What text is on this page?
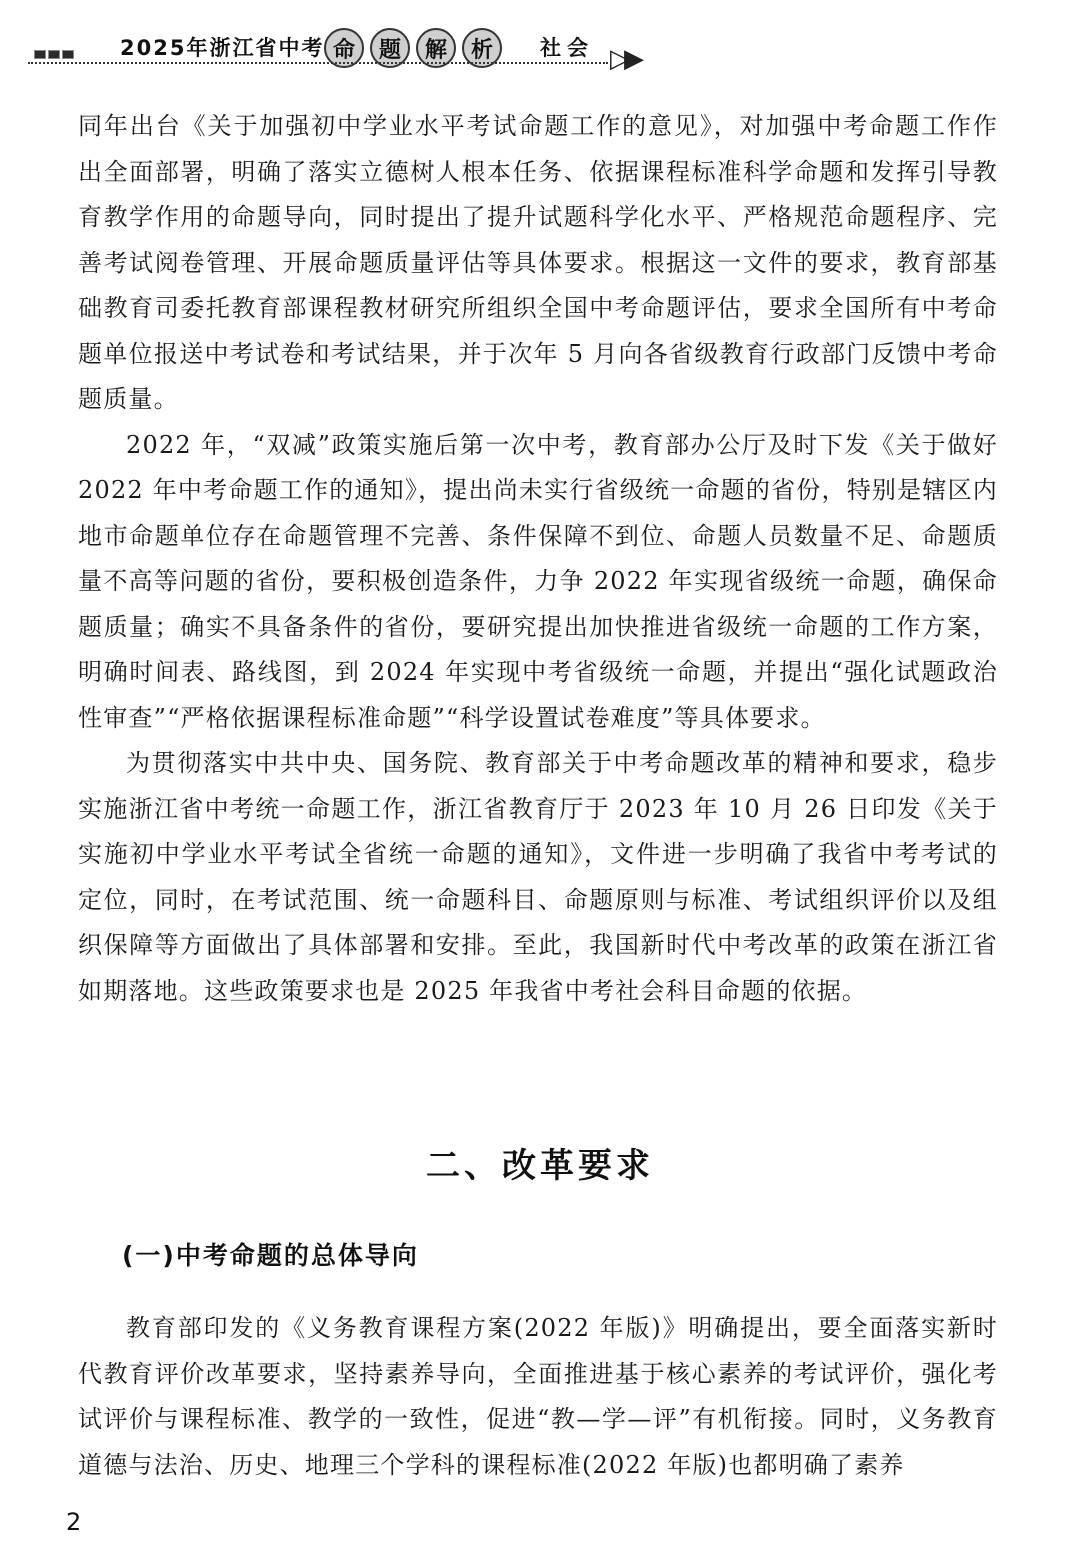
2025年浙江省中考 命	题	解	析	社会 ▷▶

同年出台《关于加强初中学业水平考试命题工作的意见》，对加强中考命题工作作出全面部署，明确了落实立德树人根本任务、依据课程标准科学命题和发挥引导教育教学作用的命题导向，同时提出了提升试题科学化水平、严格规范命题程序、完善考试阅卷管理、开展命题质量评估等具体要求。根据这一文件的要求，教育部基础教育司委托教育部课程教材研究所组织全国中考命题评估，要求全国所有中考命题单位报送中考试卷和考试结果，并于次年 5 月向各省级教育行政部门反馈中考命题质量。

2022 年，“双减”政策实施后第一次中考，教育部办公厅及时下发《关于做好 2022 年中考命题工作的通知》，提出尚未实行省级统一命题的省份，特别是辖区内地市命题单位存在命题管理不完善、条件保障不到位、命题人员数量不足、命题质量不高等问题的省份，要积极创造条件，力争 2022 年实现省级统一命题，确保命题质量；确实不具备条件的省份，要研究提出加快推进省级统一命题的工作方案，明确时间表、路线图，到 2024 年实现中考省级统一命题，并提出“强化试题政治性审查”“严格依据课程标准命题”“科学设置试卷难度”等具体要求。

为贯彻落实中共中央、国务院、教育部关于中考命题改革的精神和要求，稳步实施浙江省中考统一命题工作，浙江省教育厅于 2023 年 10 月 26 日印发《关于实施初中学业水平考试全省统一命题的通知》，文件进一步明确了我省中考考试的定位，同时，在考试范围、统一命题科目、命题原则与标准、考试组织评价以及组织保障等方面做出了具体部署和安排。至此，我国新时代中考改革的政策在浙江省如期落地。这些政策要求也是 2025 年我省中考社会科目命题的依据。

二、改革要求
(一)中考命题的总体导向

教育部印发的《义务教育课程方案(2022 年版)》明确提出，要全面落实新时代教育评价改革要求，坚持素养导向，全面推进基于核心素养的考试评价，强化考试评价与课程标准、教学的一致性，促进“教—学—评”有机衔接。同时，义务教育道德与法治、历史、地理三个学科的课程标准(2022 年版)也都明确了素养

2
